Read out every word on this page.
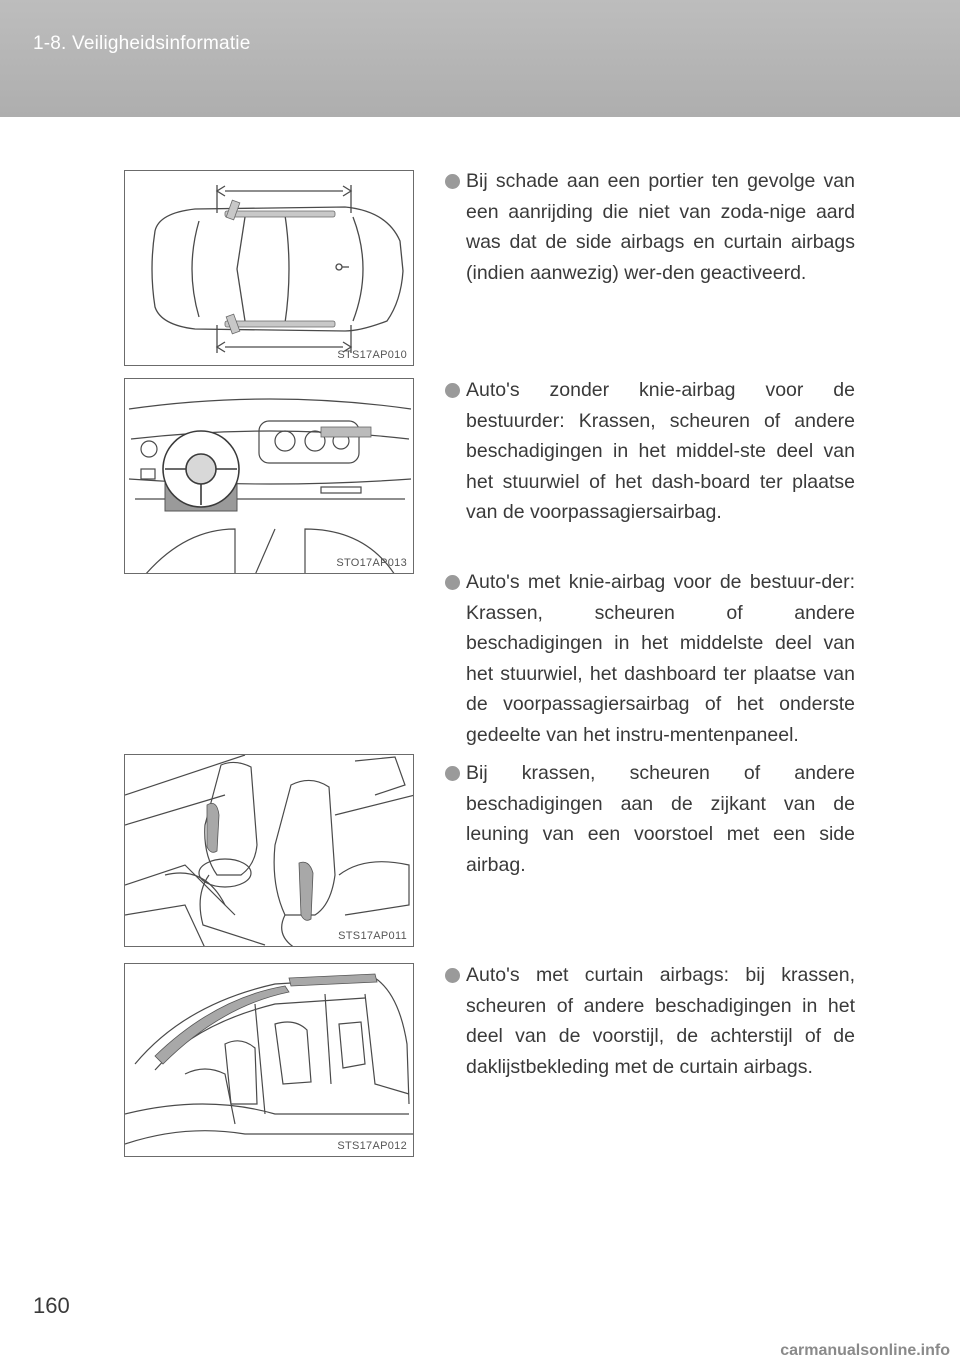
1-8. Veiligheidsinformatie
STS17AP010
STO17AP013
STS17AP011
STS17AP012
Bij schade aan een portier ten gevolge van een aanrijding die niet van zoda-nige aard was dat de side airbags en curtain airbags (indien aanwezig) wer-den geactiveerd.
Auto's zonder knie-airbag voor de bestuurder: Krassen, scheuren of andere beschadigingen in het middel-ste deel van het stuurwiel of het dash-board ter plaatse van de voorpassagiersairbag.
Auto's met knie-airbag voor de bestuur-der: Krassen, scheuren of andere beschadigingen in het middelste deel van het stuurwiel, het dashboard ter plaatse van de voorpassagiersairbag of het onderste gedeelte van het instru-mentenpaneel.
Bij krassen, scheuren of andere beschadigingen aan de zijkant van de leuning van een voorstoel met een side airbag.
Auto's met curtain airbags: bij krassen, scheuren of andere beschadigingen in het deel van de voorstijl, de achterstijl of de daklijstbekleding met de curtain airbags.
160
carmanualsonline.info
